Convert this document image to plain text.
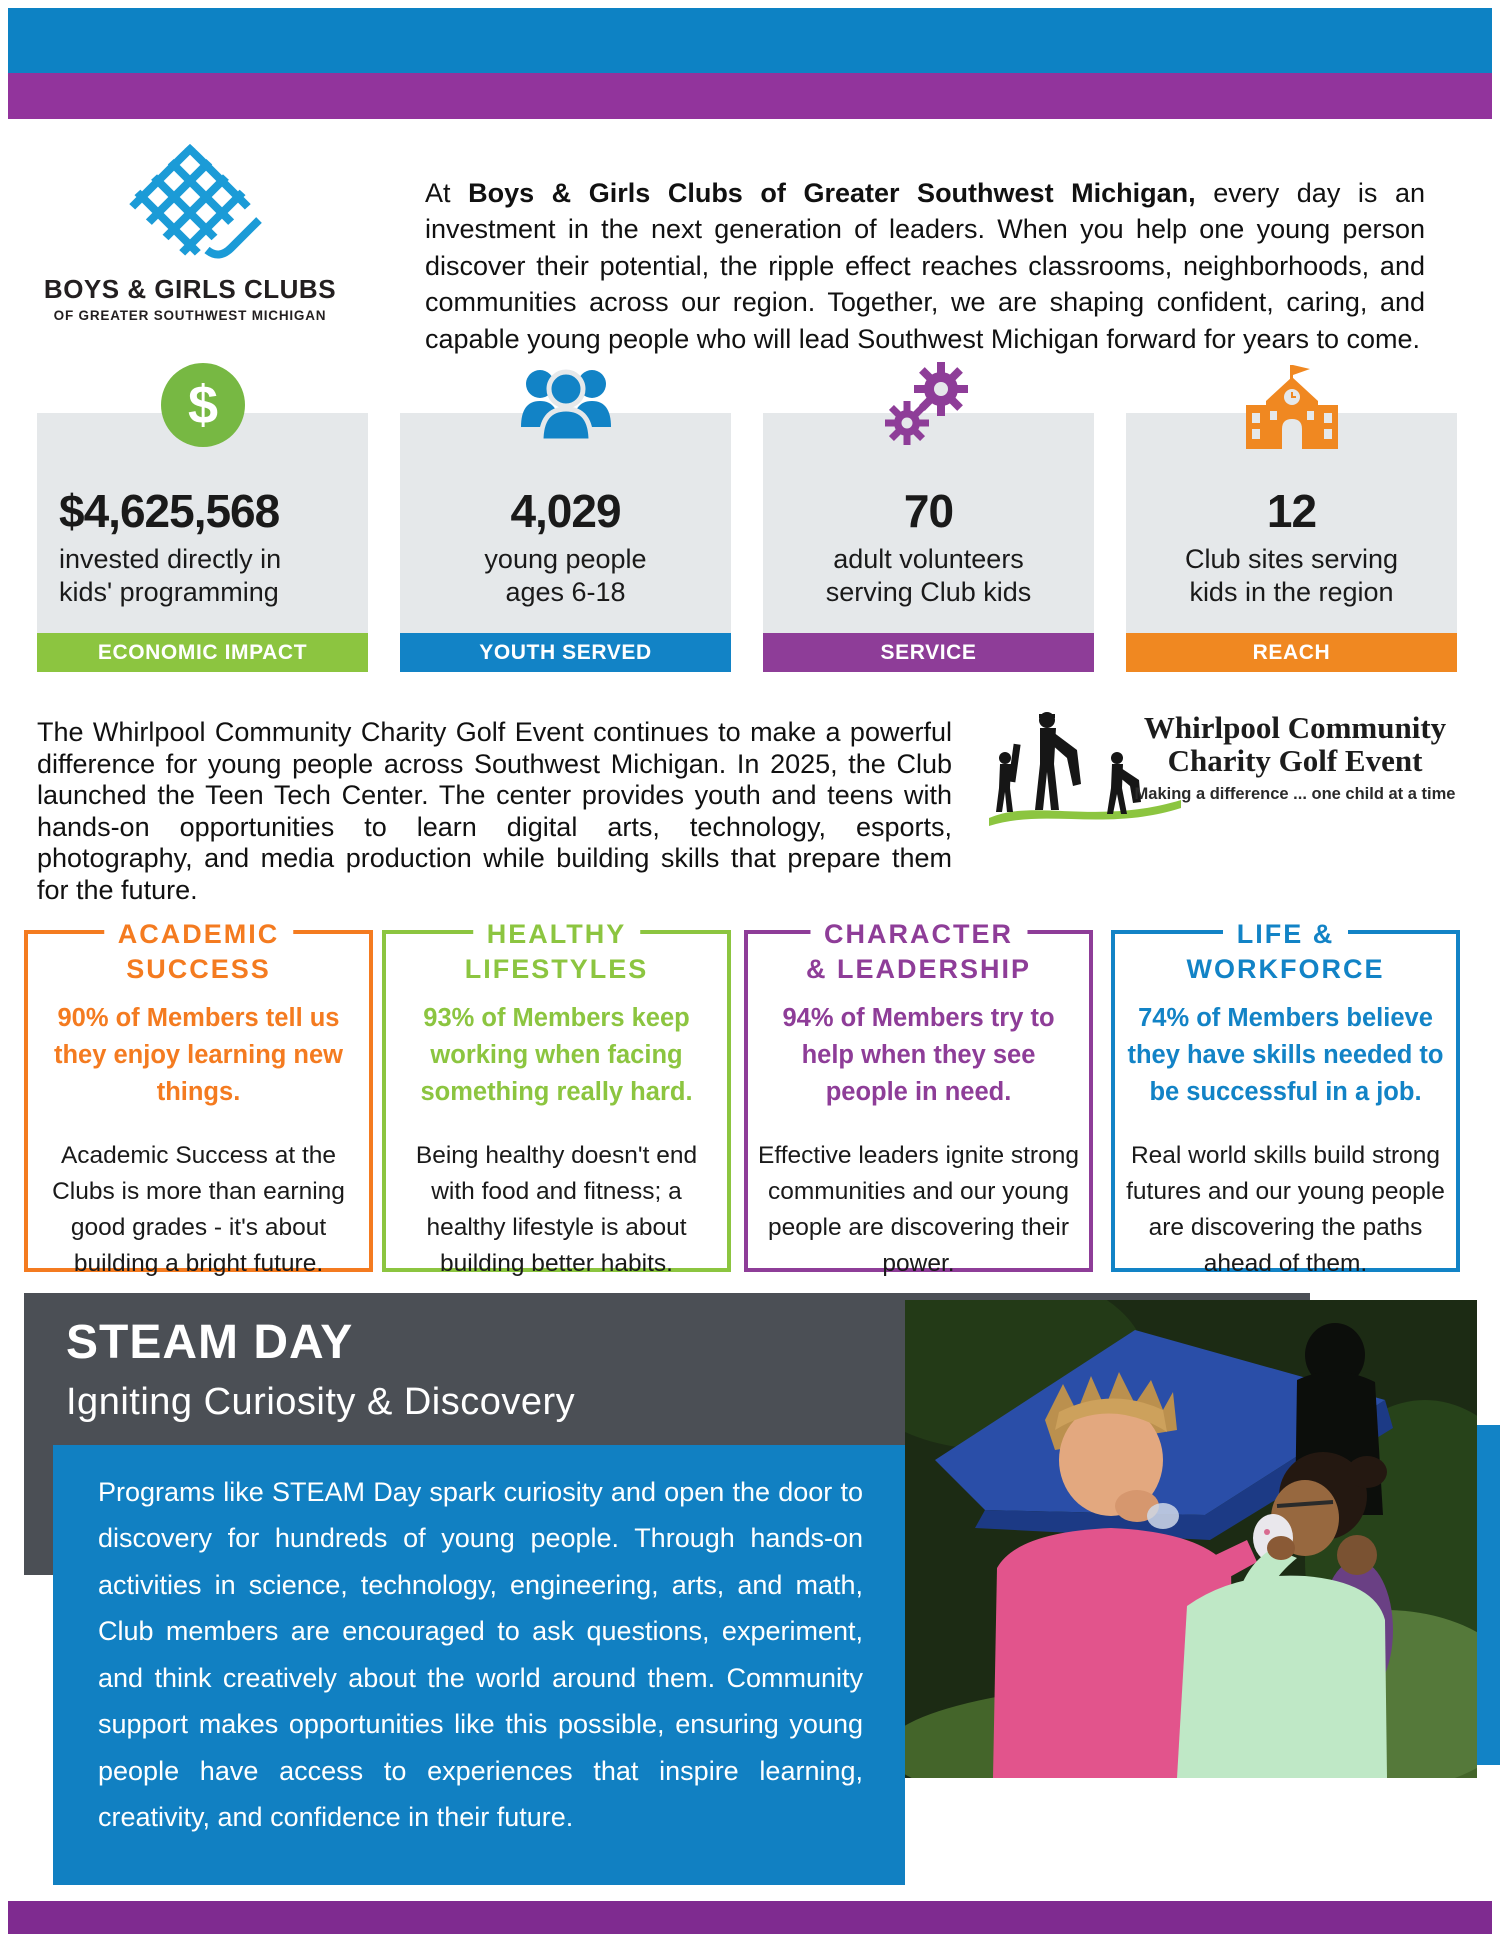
BOYS & GIRLS CLUBS
OF GREATER SOUTHWEST MICHIGAN

At Boys & Girls Clubs of Greater Southwest Michigan, every day is an investment in the next generation of leaders. When you help one young person discover their potential, the ripple effect reaches classrooms, neighborhoods, and communities across our region. Together, we are shaping confident, caring, and capable young people who will lead Southwest Michigan forward for years to come.

$
$4,625,568
invested directly in
kids' programming
ECONOMIC IMPACT
4,029
young people
ages 6-18
YOUTH SERVED
70
adult volunteers
serving Club kids
SERVICE
12
Club sites serving
kids in the region
REACH

The Whirlpool Community Charity Golf Event continues to make a powerful difference for young people across Southwest Michigan. In 2025, the Club launched the Teen Tech Center. The center provides youth and teens with hands-on opportunities to learn digital arts, technology, esports, photography, and media production while building skills that prepare them for the future.

Whirlpool Community
Charity Golf Event
Making a difference ... one child at a time
ACADEMIC
SUCCESS
90% of Members tell us they enjoy learning new things.
Academic Success at the Clubs is more than earning good grades - it's about building a bright future.
HEALTHY
LIFESTYLES
93% of Members keep working when facing something really hard.
Being healthy doesn't end with food and fitness; a healthy lifestyle is about building better habits.
CHARACTER
& LEADERSHIP
94% of Members try to help when they see people in need.
Effective leaders ignite strong communities and our young people are discovering their power.
LIFE &
WORKFORCE
74% of Members believe they have skills needed to be successful in a job.
Real world skills build strong futures and our young people are discovering the paths ahead of them.
STEAM DAY
Igniting Curiosity & Discovery

Programs like STEAM Day spark curiosity and open the door to discovery for hundreds of young people. Through hands-on activities in science, technology, engineering, arts, and math, Club members are encouraged to ask questions, experiment, and think creatively about the world around them. Community support makes opportunities like this possible, ensuring young people have access to experiences that inspire learning, creativity, and confidence in their future.
